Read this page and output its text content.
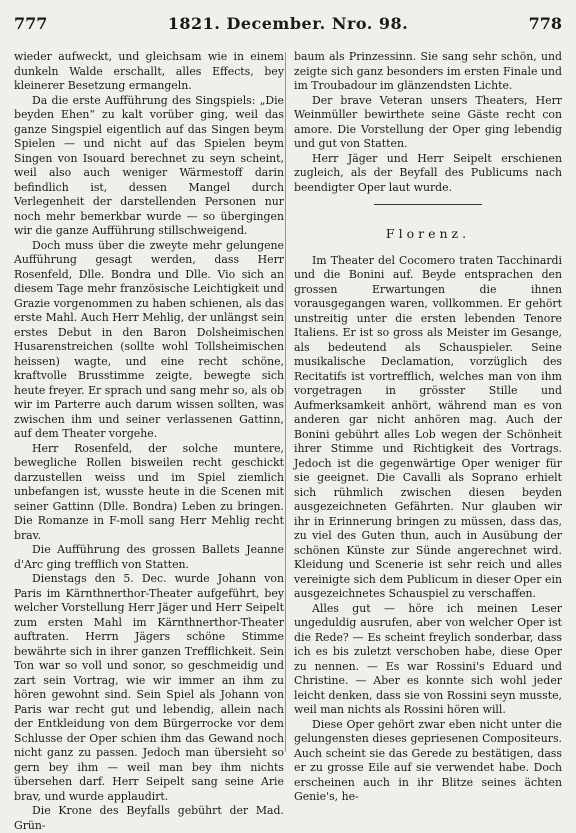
777	1821. December. Nro. 98.	778

wieder aufweckt, und gleichsam wie in einem dunkeln Walde erschallt, alles Effects, bey kleinerer Besetzung ermangeln.

Da die erste Aufführung des Singspiels: „Die beyden Ehen“ zu kalt vorüber ging, weil das ganze Singspiel eigentlich auf das Singen beym Spielen — und nicht auf das Spielen beym Singen von Isouard berechnet zu seyn scheint, weil also auch weniger Wärmestoff darin befindlich ist, dessen Mangel durch Verlegenheit der darstellenden Personen nur noch mehr bemerkbar wurde — so übergingen wir die ganze Aufführung stillschweigend.

Doch muss über die zweyte mehr gelungene Aufführung gesagt werden, dass Herr Rosenfeld, Dlle. Bondra und Dlle. Vio sich an diesem Tage mehr französische Leichtigkeit und Grazie vorgenommen zu haben schienen, als das erste Mahl. Auch Herr Mehlig, der unlängst sein erstes Debut in den Baron Dolsheimischen Husarenstreichen (sollte wohl Tollsheimischen heissen) wagte, und eine recht schöne, kraftvolle Brusstimme zeigte, bewegte sich heute freyer. Er sprach und sang mehr so, als ob wir im Parterre auch darum wissen sollten, was zwischen ihm und seiner verlassenen Gattinn, auf dem Theater vorgehe.

Herr Rosenfeld, der solche muntere, bewegliche Rollen bisweilen recht geschickt darzustellen weiss und im Spiel ziemlich unbefangen ist, wusste heute in die Scenen mit seiner Gattinn (Dlle. Bondra) Leben zu bringen. Die Romanze in F-moll sang Herr Mehlig recht brav.

Die Aufführung des grossen Ballets Jeanne d'Arc ging trefflich von Statten.

Dienstags den 5. Dec. wurde Johann von Paris im Kärnthnerthor-Theater aufgeführt, bey welcher Vorstellung Herr Jäger und Herr Seipelt zum ersten Mahl im Kärnthnerthor-Theater auftraten. Herrn Jägers schöne Stimme bewährte sich in ihrer ganzen Trefflichkeit. Sein Ton war so voll und sonor, so geschmeidig und zart sein Vortrag, wie wir immer an ihm zu hören gewohnt sind. Sein Spiel als Johann von Paris war recht gut und lebendig, allein nach der Entkleidung von dem Bürgerrocke vor dem Schlusse der Oper schien ihm das Gewand noch nicht ganz zu passen. Jedoch man übersieht so gern bey ihm — weil man bey ihm nichts übersehen darf. Herr Seipelt sang seine Arie brav, und wurde applaudirt.

Die Krone des Beyfalls gebührt der Mad. Grün-

baum als Prinzessinn. Sie sang sehr schön, und zeigte sich ganz besonders im ersten Finale und im Troubadour im glänzendsten Lichte.

Der brave Veteran unsers Theaters, Herr Weinmüller bewirthete seine Gäste recht con amore. Die Vorstellung der Oper ging lebendig und gut von Statten.

Herr Jäger und Herr Seipelt erschienen zugleich, als der Beyfall des Publicums nach beendigter Oper laut wurde.

Florenz.

Im Theater del Cocomero traten Tacchinardi und die Bonini auf. Beyde entsprachen den grossen Erwartungen die ihnen vorausgegangen waren, vollkommen. Er gehört unstreitig unter die ersten lebenden Tenore Italiens. Er ist so gross als Meister im Gesange, als bedeutend als Schauspieler. Seine musikalische Declamation, vorzüglich des Recitatifs ist vortrefflich, welches man von ihm vorgetragen in grösster Stille und Aufmerksamkeit anhört, während man es von anderen gar nicht anhören mag. Auch der Bonini gebührt alles Lob wegen der Schönheit ihrer Stimme und Richtigkeit des Vortrags. Jedoch ist die gegenwärtige Oper weniger für sie geeignet. Die Cavalli als Soprano erhielt sich rühmlich zwischen diesen beyden ausgezeichneten Gefährten. Nur glauben wir ihr in Erinnerung bringen zu müssen, dass das, zu viel des Guten thun, auch in Ausübung der schönen Künste zur Sünde angerechnet wird. Kleidung und Scenerie ist sehr reich und alles vereinigte sich dem Publicum in dieser Oper ein ausgezeichnetes Schauspiel zu verschaffen.

Alles gut — höre ich meinen Leser ungeduldig ausrufen, aber von welcher Oper ist die Rede? — Es scheint freylich sonderbar, dass ich es bis zuletzt verschoben habe, diese Oper zu nennen. — Es war Rossini's Eduard und Christine. — Aber es konnte sich wohl jeder leicht denken, dass sie von Rossini seyn musste, weil man nichts als Rossini hören will.

Diese Oper gehört zwar eben nicht unter die gelungensten dieses gepriesenen Compositeurs. Auch scheint sie das Gerede zu bestätigen, dass er zu grosse Eile auf sie verwendet habe. Doch erscheinen auch in ihr Blitze seines ächten Genie's, he-
